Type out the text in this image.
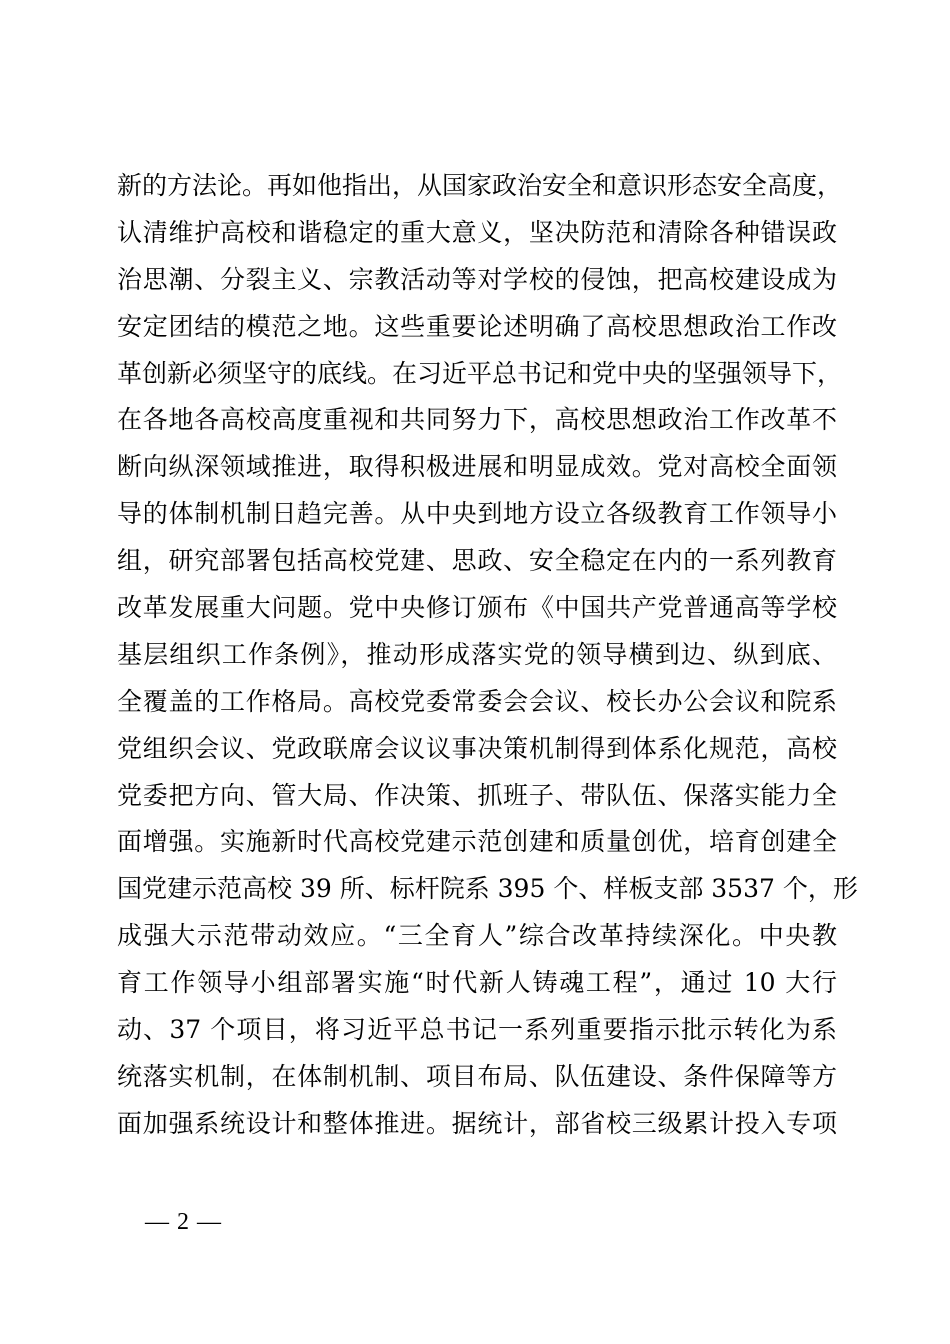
新的方法论。再如他指出，从国家政治安全和意识形态安全高度，
认清维护高校和谐稳定的重大意义，坚决防范和清除各种错误政
治思潮、分裂主义、宗教活动等对学校的侵蚀，把高校建设成为
安定团结的模范之地。这些重要论述明确了高校思想政治工作改
革创新必须坚守的底线。在习近平总书记和党中央的坚强领导下，
在各地各高校高度重视和共同努力下，高校思想政治工作改革不
断向纵深领域推进，取得积极进展和明显成效。党对高校全面领
导的体制机制日趋完善。从中央到地方设立各级教育工作领导小
组，研究部署包括高校党建、思政、安全稳定在内的一系列教育
改革发展重大问题。党中央修订颁布《中国共产党普通高等学校
基层组织工作条例》，推动形成落实党的领导横到边、纵到底、
全覆盖的工作格局。高校党委常委会会议、校长办公会议和院系
党组织会议、党政联席会议议事决策机制得到体系化规范，高校
党委把方向、管大局、作决策、抓班子、带队伍、保落实能力全
面增强。实施新时代高校党建示范创建和质量创优，培育创建全
国党建示范高校 39 所、标杆院系 395 个、样板支部 3537 个，形
成强大示范带动效应。“三全育人”综合改革持续深化。中央教
育工作领导小组部署实施“时代新人铸魂工程”，通过 10 大行
动、37 个项目，将习近平总书记一系列重要指示批示转化为系
统落实机制，在体制机制、项目布局、队伍建设、条件保障等方
面加强系统设计和整体推进。据统计，部省校三级累计投入专项
— 2 —
